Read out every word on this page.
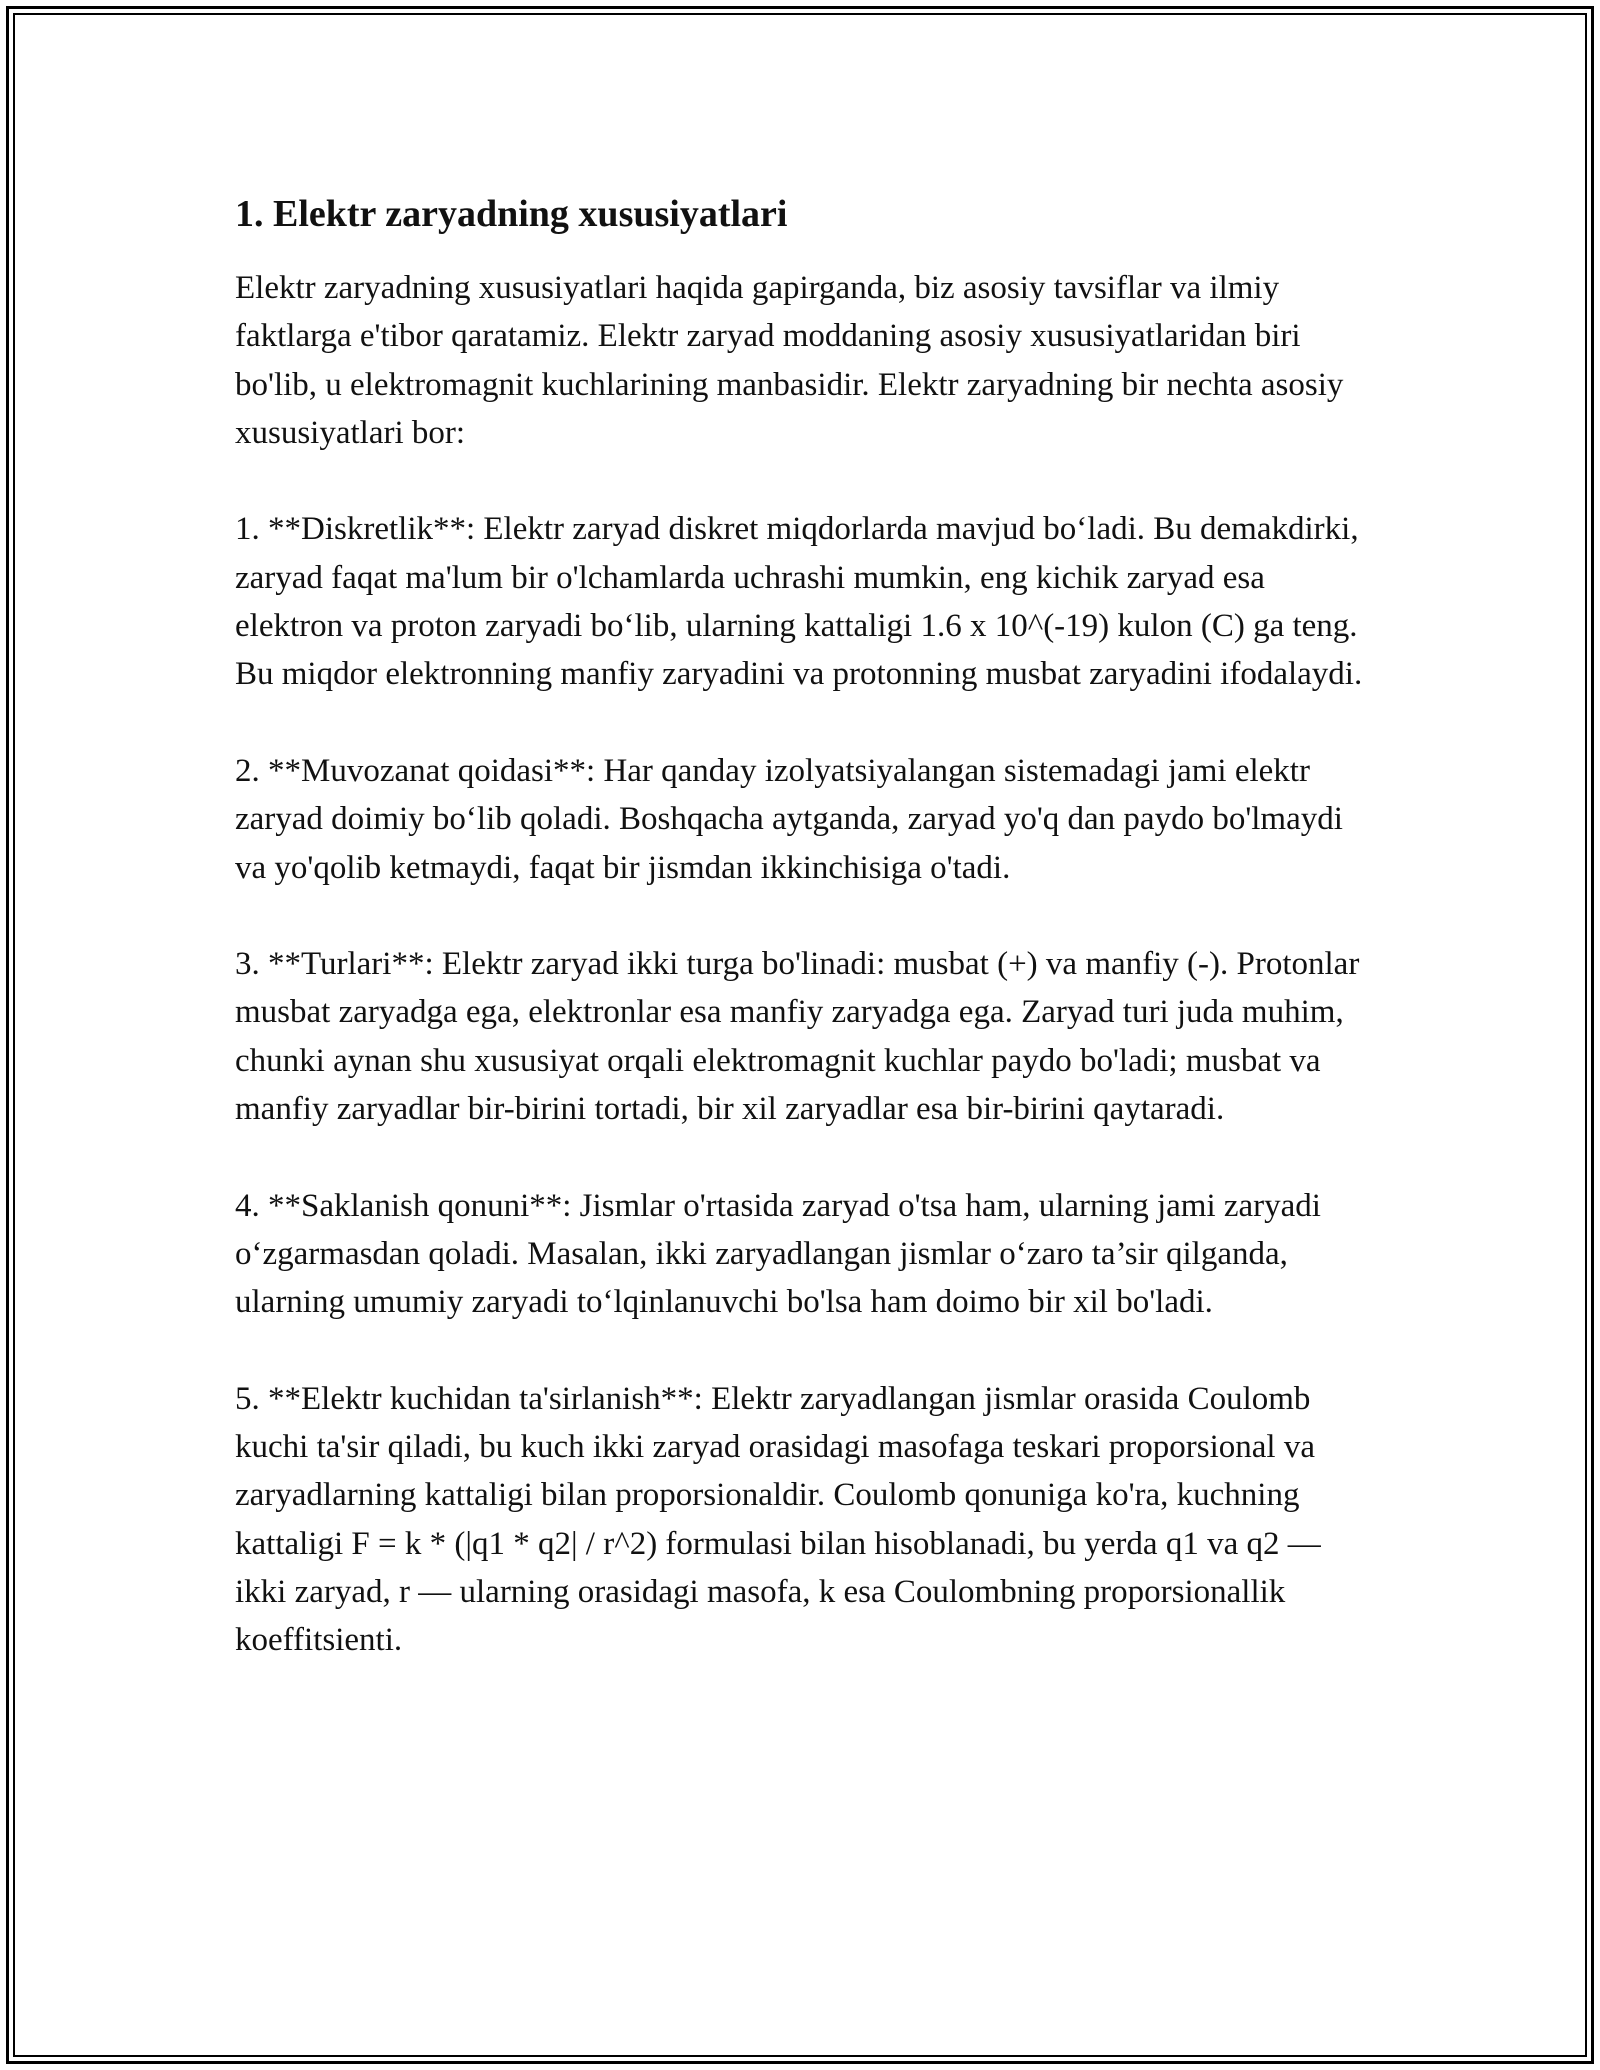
1. Elektr zaryadning xususiyatlari

Elektr zaryadning xususiyatlari haqida gapirganda, biz asosiy tavsiflar va ilmiy faktlarga e'tibor qaratamiz. Elektr zaryad moddaning asosiy xususiyatlaridan biri bo'lib, u elektromagnit kuchlarining manbasidir. Elektr zaryadning bir nechta asosiy xususiyatlari bor:

1. **Diskretlik**: Elektr zaryad diskret miqdorlarda mavjud bo‘ladi. Bu demakdirki, zaryad faqat ma'lum bir o'lchamlarda uchrashi mumkin, eng kichik zaryad esa elektron va proton zaryadi bo‘lib, ularning kattaligi 1.6 x 10^(-19) kulon (C) ga teng. Bu miqdor elektronning manfiy zaryadini va protonning musbat zaryadini ifodalaydi.

2. **Muvozanat qoidasi**: Har qanday izolyatsiyalangan sistemadagi jami elektr zaryad doimiy bo‘lib qoladi. Boshqacha aytganda, zaryad yo'q dan paydo bo'lmaydi va yo'qolib ketmaydi, faqat bir jismdan ikkinchisiga o'tadi.

3. **Turlari**: Elektr zaryad ikki turga bo'linadi: musbat (+) va manfiy (-). Protonlar musbat zaryadga ega, elektronlar esa manfiy zaryadga ega. Zaryad turi juda muhim, chunki aynan shu xususiyat orqali elektromagnit kuchlar paydo bo'ladi; musbat va manfiy zaryadlar bir-birini tortadi, bir xil zaryadlar esa bir-birini qaytaradi.

4. **Saklanish qonuni**: Jismlar o'rtasida zaryad o'tsa ham, ularning jami zaryadi o‘zgarmasdan qoladi. Masalan, ikki zaryadlangan jismlar o‘zaro ta’sir qilganda, ularning umumiy zaryadi to‘lqinlanuvchi bo'lsa ham doimo bir xil bo'ladi.

5. **Elektr kuchidan ta'sirlanish**: Elektr zaryadlangan jismlar orasida Coulomb kuchi ta'sir qiladi, bu kuch ikki zaryad orasidagi masofaga teskari proporsional va zaryadlarning kattaligi bilan proporsionaldir. Coulomb qonuniga ko'ra, kuchning kattaligi F = k * (|q1 * q2| / r^2) formulasi bilan hisoblanadi, bu yerda q1 va q2 — ikki zaryad, r — ularning orasidagi masofa, k esa Coulombning proporsionallik koeffitsienti.
